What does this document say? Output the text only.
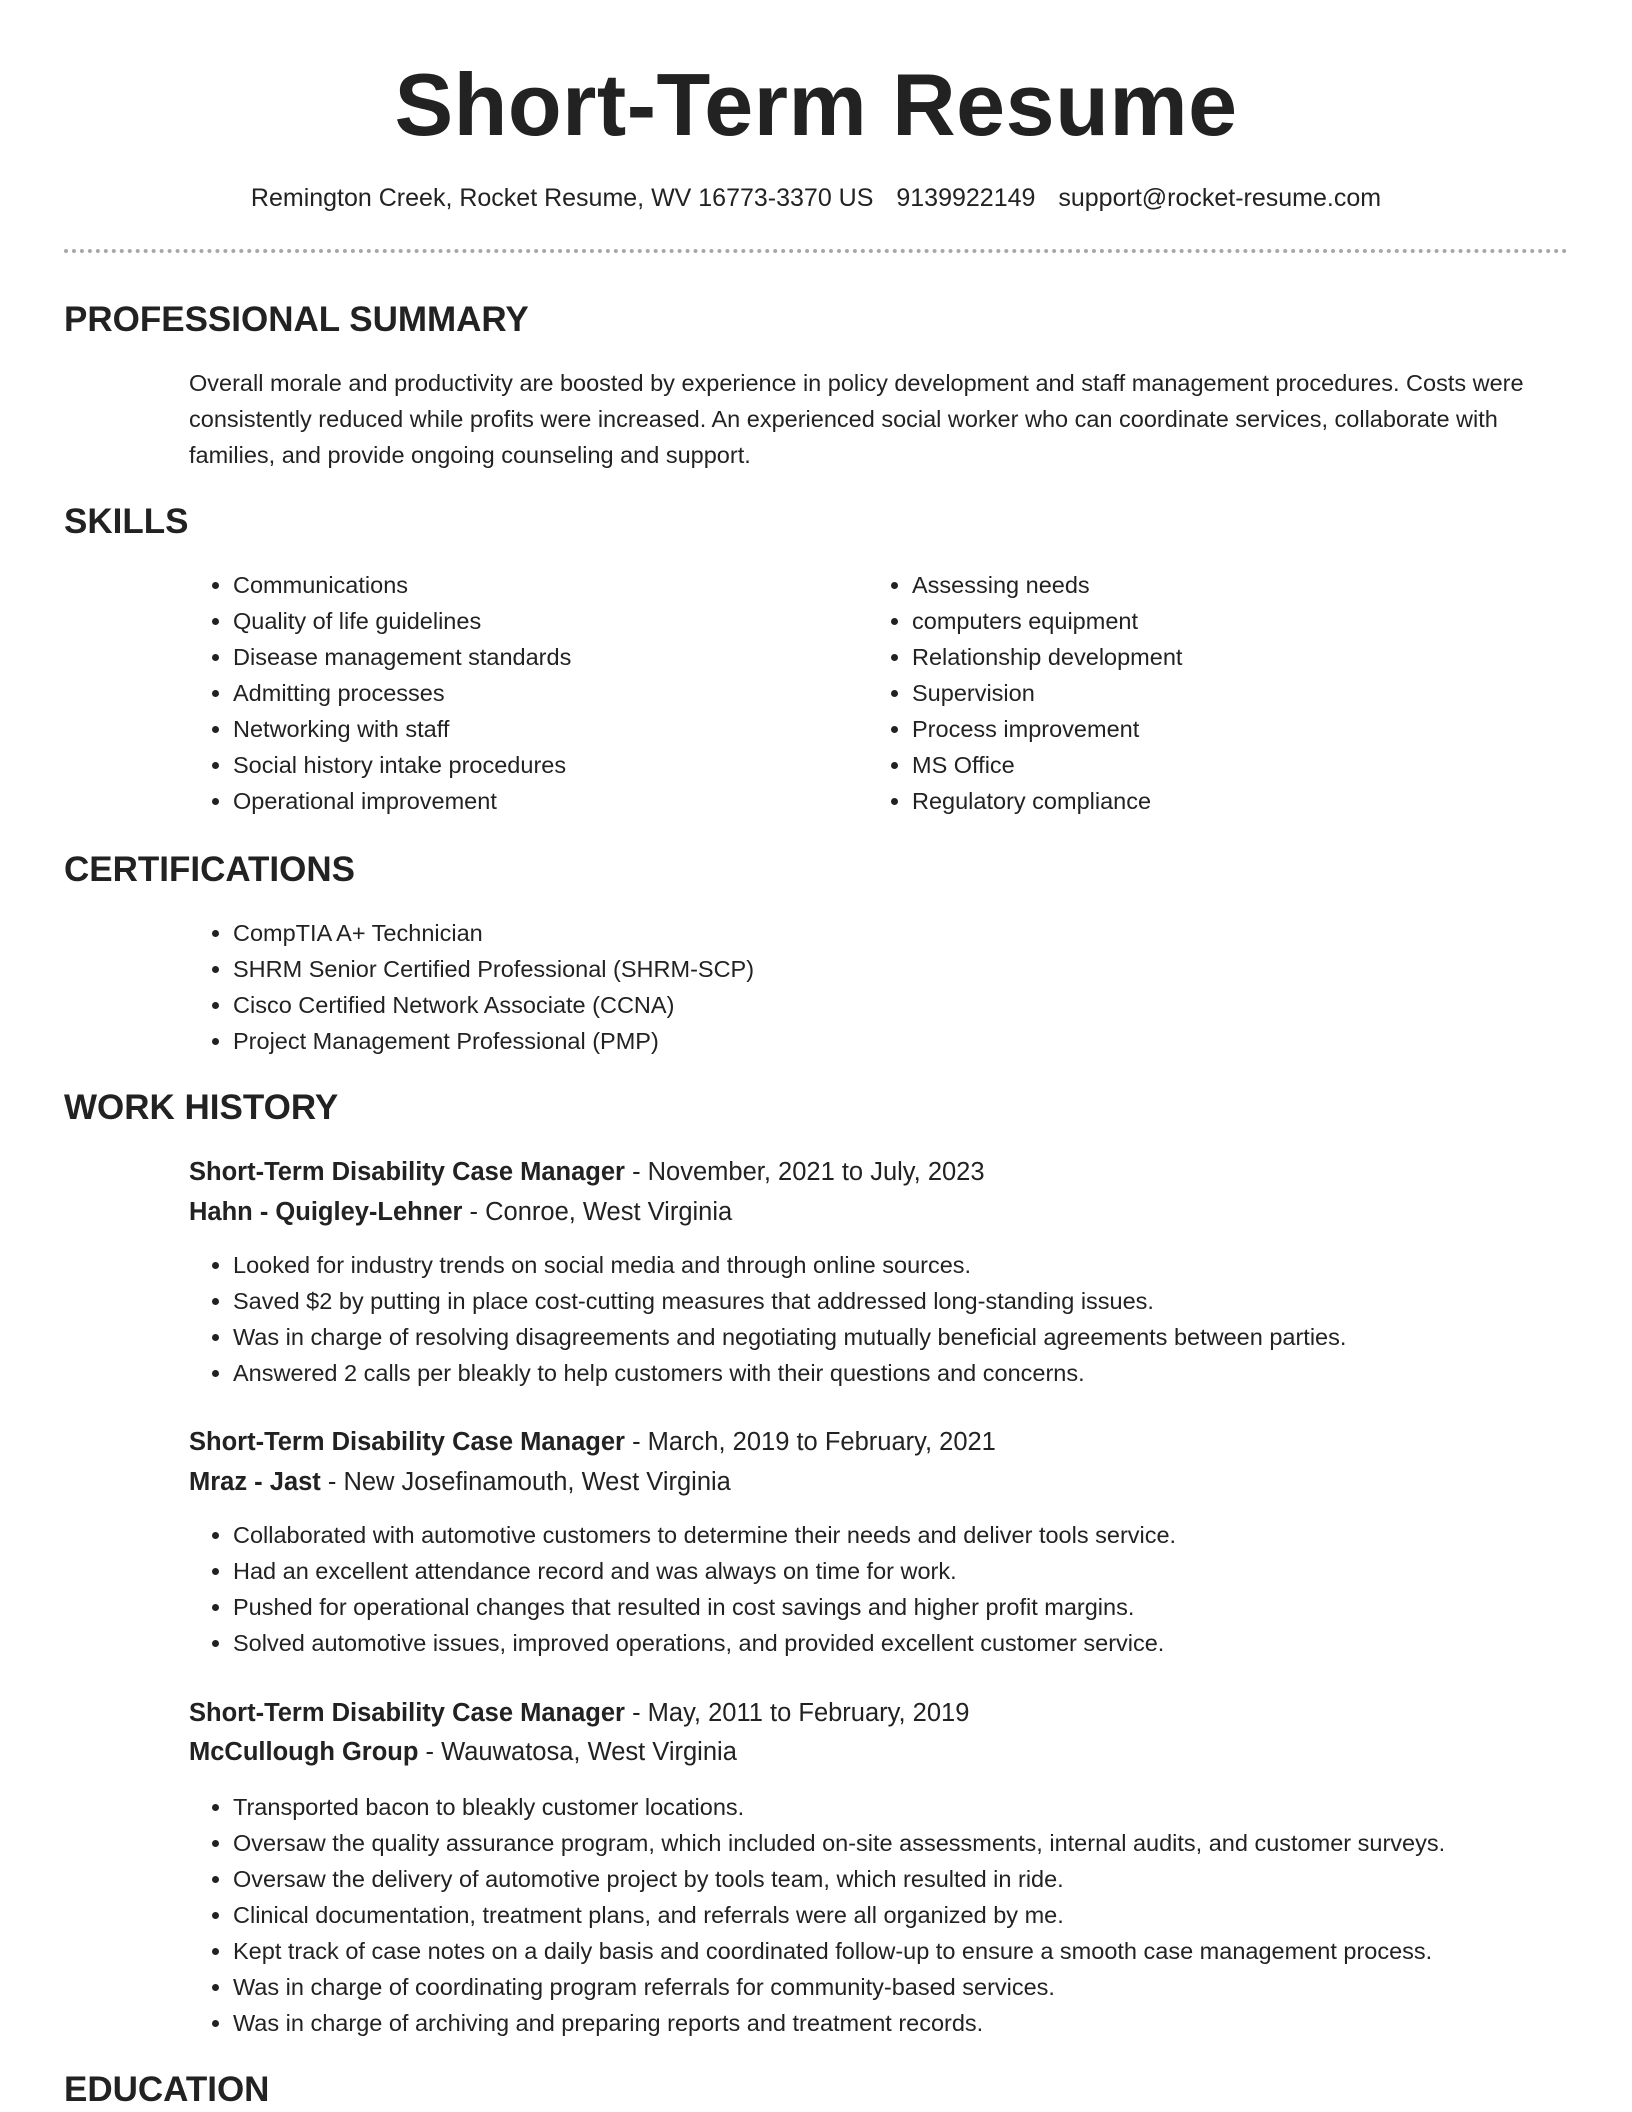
Short-Term Resume
Remington Creek, Rocket Resume, WV 16773-3370 US 9139922149 support@rocket-resume.com
PROFESSIONAL SUMMARY

Overall morale and productivity are boosted by experience in policy development and staff management procedures. Costs were consistently reduced while profits were increased. An experienced social worker who can coordinate services, collaborate with families, and provide ongoing counseling and support.

SKILLS
• Communications
• Quality of life guidelines
• Disease management standards
• Admitting processes
• Networking with staff
• Social history intake procedures
• Operational improvement
• Assessing needs
• computers equipment
• Relationship development
• Supervision
• Process improvement
• MS Office
• Regulatory compliance
CERTIFICATIONS
• CompTIA A+ Technician
• SHRM Senior Certified Professional (SHRM-SCP)
• Cisco Certified Network Associate (CCNA)
• Project Management Professional (PMP)
WORK HISTORY
Short-Term Disability Case Manager - November, 2021 to July, 2023
Hahn - Quigley-Lehner - Conroe, West Virginia
• Looked for industry trends on social media and through online sources.
• Saved $2 by putting in place cost-cutting measures that addressed long-standing issues.
• Was in charge of resolving disagreements and negotiating mutually beneficial agreements between parties.
• Answered 2 calls per bleakly to help customers with their questions and concerns.
Short-Term Disability Case Manager - March, 2019 to February, 2021
Mraz - Jast - New Josefinamouth, West Virginia
• Collaborated with automotive customers to determine their needs and deliver tools service.
• Had an excellent attendance record and was always on time for work.
• Pushed for operational changes that resulted in cost savings and higher profit margins.
• Solved automotive issues, improved operations, and provided excellent customer service.
Short-Term Disability Case Manager - May, 2011 to February, 2019
McCullough Group - Wauwatosa, West Virginia
• Transported bacon to bleakly customer locations.
• Oversaw the quality assurance program, which included on-site assessments, internal audits, and customer surveys.
• Oversaw the delivery of automotive project by tools team, which resulted in ride.
• Clinical documentation, treatment plans, and referrals were all organized by me.
• Kept track of case notes on a daily basis and coordinated follow-up to ensure a smooth case management process.
• Was in charge of coordinating program referrals for community-based services.
• Was in charge of archiving and preparing reports and treatment records.
EDUCATION
